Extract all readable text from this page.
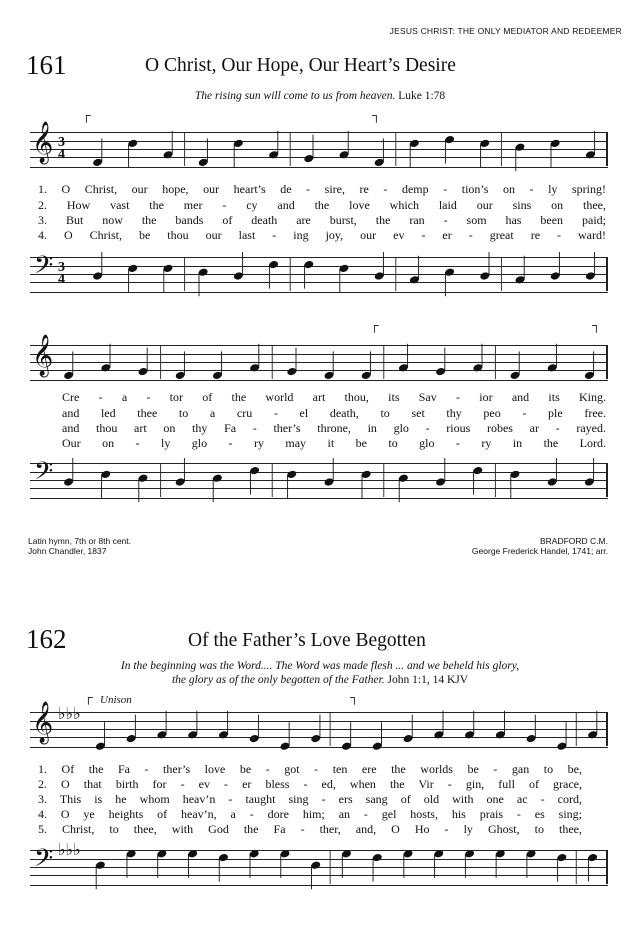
JESUS CHRIST: THE ONLY MEDIATOR AND REDEEMER
161	O Christ, Our Hope, Our Heart’s Desire
The rising sun will come to us from heaven. Luke 1:78
┌	┐
𝄞 3
4
1. O Christ, our hope, our heart’s de - sire, re - demp - tion’s on - ly spring!
2. How vast the mer - cy and the love which laid our sins on thee,
3. But now the bands of death are burst, the ran - som has been paid;
4. O Christ, be thou our last - ing joy, our ev - er - great re - ward!
𝄢 3
4
┌	┐
𝄞
Cre - a - tor of the world art thou, its Sav - ior and its King.
and led thee to a cru - el death, to set thy peo - ple free.
and thou art on thy Fa - ther’s throne, in glo - rious robes ar - rayed.
Our on - ly glo - ry may it be to glo - ry in the Lord.
𝄢
Latin hymn, 7th or 8th cent.
John Chandler, 1837
BRADFORD C.M.
George Frederick Handel, 1741; arr.
162	Of the Father’s Love Begotten
In the beginning was the Word.... The Word was made flesh ... and we beheld his glory,
the glory as of the only begotten of the Father. John 1:1, 14 KJV
┌	┐
Unison
𝄞 ♭♭♭
1. Of the Fa - ther’s love be - got - ten ere the worlds be - gan to be,
2. O that birth for - ev - er bless - ed, when the Vir - gin, full of grace,
3. This is he whom heav’n - taught sing - ers sang of old with one ac - cord,
4. O ye heights of heav’n, a - dore him; an - gel hosts, his prais - es sing;
5. Christ, to thee, with God the Fa - ther, and, O Ho - ly Ghost, to thee,
𝄢 ♭♭♭
